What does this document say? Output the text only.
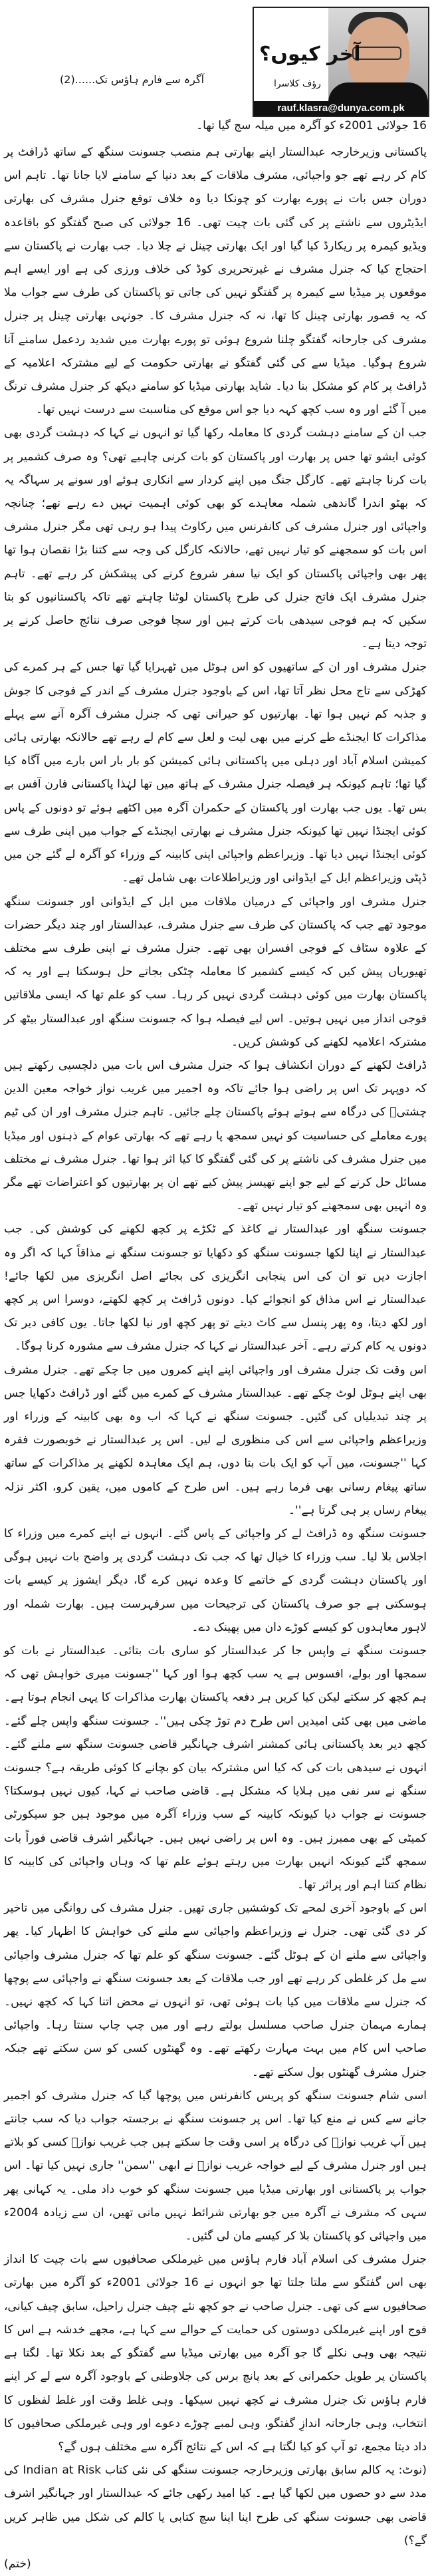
آخر کیوں؟
رؤف کلاسرا
rauf.klasra@dunya.com.pk
آگرہ سے فارم ہاؤس تک......(2)
16 جولائی 2001ء کو آگرہ میں میلہ سج گیا تھا۔

پاکستانی وزیرخارجہ عبدالستار اپنے بھارتی ہم منصب جسونت سنگھ کے ساتھ ڈرافٹ پر کام کر رہے تھے جو واجپائی، مشرف ملاقات کے بعد دنیا کے سامنے لایا جانا تھا۔ تاہم اس دوران جس بات نے پورے بھارت کو چونکا دیا وہ خلاف توقع جنرل مشرف کی بھارتی ایڈیٹروں سے ناشتے پر کی گئی بات چیت تھی۔ 16 جولائی کی صبح گفتگو کو باقاعدہ ویڈیو کیمرہ پر ریکارڈ کیا گیا اور ایک بھارتی چینل نے چلا دیا۔ جب بھارت نے پاکستان سے احتجاج کیا کہ جنرل مشرف نے غیرتحریری کوڈ کی خلاف ورزی کی ہے اور ایسے اہم موقعوں پر میڈیا سے کیمرہ پر گفتگو نہیں کی جاتی تو پاکستان کی طرف سے جواب ملا کہ یہ قصور بھارتی چینل کا تھا، نہ کہ جنرل مشرف کا۔ جونہی بھارتی چینل پر جنرل مشرف کی جارحانہ گفتگو چلنا شروع ہوئی تو پورے بھارت میں شدید ردعمل سامنے آنا شروع ہوگیا۔ میڈیا سے کی گئی گفتگو نے بھارتی حکومت کے لیے مشترکہ اعلامیہ کے ڈرافٹ پر کام کو مشکل بنا دیا۔ شاید بھارتی میڈیا کو سامنے دیکھ کر جنرل مشرف ترنگ میں آ گئے اور وہ سب کچھ کہہ دیا جو اس موقع کی مناسبت سے درست نہیں تھا۔

جب ان کے سامنے دہشت گردی کا معاملہ رکھا گیا تو انہوں نے کہا کہ دہشت گردی بھی کوئی ایشو تھا جس پر بھارت اور پاکستان کو بات کرنی چاہیے تھی؟ وہ صرف کشمیر پر بات کرنا چاہتے تھے۔ کارگل جنگ میں اپنے کردار سے انکاری ہوئے اور سونے پر سہاگہ یہ کہ بھٹو اندرا گاندھی شملہ معاہدے کو بھی کوئی اہمیت نہیں دے رہے تھے؛ چنانچہ واجپائی اور جنرل مشرف کی کانفرنس میں رکاوٹ پیدا ہو رہی تھی مگر جنرل مشرف اس بات کو سمجھنے کو تیار نہیں تھے، حالانکہ کارگل کی وجہ سے کتنا بڑا نقصان ہوا تھا پھر بھی واجپائی پاکستان کو ایک نیا سفر شروع کرنے کی پیشکش کر رہے تھے۔ تاہم جنرل مشرف ایک فاتح جنرل کی طرح پاکستان لوٹنا چاہتے تھے تاکہ پاکستانیوں کو بتا سکیں کہ ہم فوجی سیدھی بات کرتے ہیں اور سچا فوجی صرف نتائج حاصل کرنے پر توجہ دیتا ہے۔

جنرل مشرف اور ان کے ساتھیوں کو اس ہوٹل میں ٹھہرایا گیا تھا جس کے ہر کمرے کی کھڑکی سے تاج محل نظر آتا تھا، اس کے باوجود جنرل مشرف کے اندر کے فوجی کا جوش و جذبہ کم نہیں ہوا تھا۔ بھارتیوں کو حیرانی تھی کہ جنرل مشرف آگرہ آنے سے پہلے مذاکرات کا ایجنڈے طے کرنے میں بھی لیت و لعل سے کام لے رہے تھے حالانکہ بھارتی ہائی کمیشن اسلام آباد اور دہلی میں پاکستانی ہائی کمیشن کو بار بار اس بارے میں آگاہ کیا گیا تھا؛ تاہم کیونکہ ہر فیصلہ جنرل مشرف کے ہاتھ میں تھا لہٰذا پاکستانی فارن آفس بے بس تھا۔ یوں جب بھارت اور پاکستان کے حکمران آگرہ میں اکٹھے ہوئے تو دونوں کے پاس کوئی ایجنڈا نہیں تھا کیونکہ جنرل مشرف نے بھارتی ایجنڈے کے جواب میں اپنی طرف سے کوئی ایجنڈا نہیں دیا تھا۔ وزیراعظم واجپائی اپنی کابینہ کے وزراء کو آگرہ لے گئے جن میں ڈپٹی وزیراعظم ایل کے ایڈوانی اور وزیراطلاعات بھی شامل تھے۔

جنرل مشرف اور واجپائی کے درمیان ملاقات میں ایل کے ایڈوانی اور جسونت سنگھ موجود تھے جب کہ پاکستان کی طرف سے جنرل مشرف، عبدالستار اور چند دیگر حضرات کے علاوہ سٹاف کے فوجی افسران بھی تھے۔ جنرل مشرف نے اپنی طرف سے مختلف تھیوریاں پیش کیں کہ کیسے کشمیر کا معاملہ چٹکی بجاتے حل ہوسکتا ہے اور یہ کہ پاکستان بھارت میں کوئی دہشت گردی نہیں کر رہا۔ سب کو علم تھا کہ ایسی ملاقاتیں فوجی انداز میں نہیں ہوتیں۔ اس لیے فیصلہ ہوا کہ جسونت سنگھ اور عبدالستار بیٹھ کر مشترکہ اعلامیہ لکھنے کی کوشش کریں۔

ڈرافٹ لکھنے کے دوران انکشاف ہوا کہ جنرل مشرف اس بات میں دلچسپی رکھتے ہیں کہ دوپہر تک اس پر راضی ہوا جائے تاکہ وہ اجمیر میں غریب نواز خواجہ معین الدین چشتیؒ کی درگاہ سے ہوتے ہوئے پاکستان چلے جائیں۔ تاہم جنرل مشرف اور ان کی ٹیم پورے معاملے کی حساسیت کو نہیں سمجھ پا رہے تھے کہ بھارتی عوام کے ذہنوں اور میڈیا میں جنرل مشرف کی ناشتے پر کی گئی گفتگو کا کیا اثر ہوا تھا۔ جنرل مشرف نے مختلف مسائل حل کرنے کے لیے جو اپنے تھیسز پیش کیے تھے ان پر بھارتیوں کو اعتراضات تھے مگر وہ انہیں بھی سمجھنے کو تیار نہیں تھے۔

جسونت سنگھ اور عبدالستار نے کاغذ کے ٹکڑے پر کچھ لکھنے کی کوشش کی۔ جب عبدالستار نے اپنا لکھا جسونت سنگھ کو دکھایا تو جسونت سنگھ نے مذاقاً کہا کہ اگر وہ اجازت دیں تو ان کی اس پنجابی انگریزی کی بجائے اصل انگریزی میں لکھا جائے! عبدالستار نے اس مذاق کو انجوائے کیا۔ دونوں ڈرافٹ پر کچھ لکھتے، دوسرا اس پر کچھ اور لکھ دیتا، وہ پھر پنسل سے کاٹ دیتے تو پھر کچھ اور نیا لکھا جاتا۔ یوں کافی دیر تک دونوں یہ کام کرتے رہے۔ آخر عبدالستار نے کہا کہ جنرل مشرف سے مشورہ کرنا ہوگا۔

اس وقت تک جنرل مشرف اور واجپائی اپنے اپنے کمروں میں جا چکے تھے۔ جنرل مشرف بھی اپنے ہوٹل لوٹ چکے تھے۔ عبدالستار مشرف کے کمرے میں گئے اور ڈرافٹ دکھایا جس پر چند تبدیلیاں کی گئیں۔ جسونت سنگھ نے کہا کہ اب وہ بھی کابینہ کے وزراء اور وزیراعظم واجپائی سے اس کی منظوری لے لیں۔ اس پر عبدالستار نے خوبصورت فقرہ کہا ''جسونت، میں آپ کو ایک بات بتا دوں، ہم ایک معاہدہ لکھنے پر مذاکرات کے ساتھ ساتھ پیغام رسانی بھی فرما رہے ہیں۔ اس طرح کے کاموں میں، یقین کرو، اکثر نزلہ پیغام رساں پر ہی گرتا ہے''۔

جسونت سنگھ وہ ڈرافٹ لے کر واجپائی کے پاس گئے۔ انہوں نے اپنے کمرے میں وزراء کا اجلاس بلا لیا۔ سب وزراء کا خیال تھا کہ جب تک دہشت گردی پر واضح بات نہیں ہوگی اور پاکستان دہشت گردی کے خاتمے کا وعدہ نہیں کرے گا، دیگر ایشوز پر کیسے بات ہوسکتی ہے جو صرف پاکستان کی ترجیحات میں سرفہرست ہیں۔ بھارت شملہ اور لاہور معاہدوں کو کیسے کوڑے دان میں پھینک دے۔

جسونت سنگھ نے واپس جا کر عبدالستار کو ساری بات بتائی۔ عبدالستار نے بات کو سمجھا اور بولے، افسوس ہے یہ سب کچھ ہوا اور کہا ''جسونت میری خواہش تھی کہ ہم کچھ کر سکتے لیکن کیا کریں ہر دفعہ پاکستان بھارت مذاکرات کا یہی انجام ہوتا ہے۔ ماضی میں بھی کئی امیدیں اس طرح دم توڑ چکی ہیں''۔ جسونت سنگھ واپس چلے گئے۔ کچھ دیر بعد پاکستانی ہائی کمشنر اشرف جہانگیر قاضی جسونت سنگھ سے ملنے گئے۔ انہوں نے سیدھی بات کی کہ کیا اس مشترکہ بیان کو بچانے کا کوئی طریقہ ہے؟ جسونت سنگھ نے سر نفی میں ہلایا کہ مشکل ہے۔ قاضی صاحب نے کہا، کیوں نہیں ہوسکتا؟ جسونت نے جواب دیا کیونکہ کابینہ کے سب وزراء آگرہ میں موجود ہیں جو سیکورٹی کمیٹی کے بھی ممبرز ہیں۔ وہ اس پر راضی نہیں ہیں۔ جہانگیر اشرف قاضی فوراً بات سمجھ گئے کیونکہ انہیں بھارت میں رہتے ہوئے علم تھا کہ وہاں واجپائی کی کابینہ کا نظام کتنا اہم اور پراثر تھا۔

اس کے باوجود آخری لمحے تک کوششیں جاری تھیں۔ جنرل مشرف کی روانگی میں تاخیر کر دی گئی تھی۔ جنرل نے وزیراعظم واجپائی سے ملنے کی خواہش کا اظہار کیا۔ پھر واجپائی سے ملنے ان کے ہوٹل گئے۔ جسونت سنگھ کو علم تھا کہ جنرل مشرف واجپائی سے مل کر غلطی کر رہے تھے اور جب ملاقات کے بعد جسونت سنگھ نے واجپائی سے پوچھا کہ جنرل سے ملاقات میں کیا بات ہوئی تھی، تو انہوں نے محض اتنا کہا کہ کچھ نہیں۔ ہمارے مہمان جنرل صاحب مسلسل بولتے رہے اور میں چپ چاپ سنتا رہا۔ واجپائی صاحب اس کام میں بہت مہارت رکھتے تھے۔ وہ گھنٹوں کسی کو سن سکتے تھے جبکہ جنرل مشرف گھنٹوں بول سکتے تھے۔

اسی شام جسونت سنگھ کو پریس کانفرنس میں پوچھا گیا کہ جنرل مشرف کو اجمیر جانے سے کس نے منع کیا تھا۔ اس پر جسونت سنگھ نے برجستہ جواب دیا کہ سب جانتے ہیں آپ غریب نوازؒ کی درگاہ پر اسی وقت جا سکتے ہیں جب غریب نوازؒ کسی کو بلاتے ہیں اور جنرل مشرف کے لیے خواجہ غریب نوازؒ نے ابھی ''سمن'' جاری نہیں کیا تھا۔ اس جواب پر پاکستانی اور بھارتی میڈیا میں جسونت سنگھ کو خوب داد ملی۔ یہ کہانی پھر سہی کہ مشرف نے آگرہ میں جو بھارتی شرائط نہیں مانی تھیں، ان سے زیادہ 2004ء میں واجپائی کو پاکستان بلا کر کیسے مان لی گئیں۔

جنرل مشرف کی اسلام آباد فارم ہاؤس میں غیرملکی صحافیوں سے بات چیت کا انداز بھی اس گفتگو سے ملتا جلتا تھا جو انہوں نے 16 جولائی 2001ء کو آگرہ میں بھارتی صحافیوں سے کی تھی۔ جنرل صاحب نے جو کچھ نئے چیف جنرل راحیل، سابق چیف کیانی، فوج اور اپنے غیرملکی دوستوں کی حمایت کے حوالے سے کہا ہے، مجھے خدشہ ہے اس کا نتیجہ بھی وہی نکلے گا جو آگرہ میں بھارتی میڈیا سے گفتگو کے بعد نکلا تھا۔ لگتا ہے پاکستان پر طویل حکمرانی کے بعد پانچ برس کی جلاوطنی کے باوجود آگرہ سے لے کر اپنے فارم ہاؤس تک جنرل مشرف نے کچھ نہیں سیکھا۔ وہی غلط وقت اور غلط لفظوں کا انتخاب، وہی جارحانہ اندازِ گفتگو، وہی لمبے چوڑے دعوے اور وہی غیرملکی صحافیوں کا داد دیتا مجمع، تو آپ کو کیا لگتا ہے کہ اس کے نتائج آگرہ سے مختلف ہوں گے؟

(نوٹ: یہ کالم سابق بھارتی وزیرخارجہ جسونت سنگھ کی نئی کتاب Indian at Risk کی مدد سے دو حصوں میں لکھا گیا ہے۔ کیا امید رکھی جائے کہ عبدالستار اور جہانگیر اشرف قاضی بھی جسونت سنگھ کی طرح اپنا اپنا سچ کتابی یا کالم کی شکل میں ظاہر کریں گے؟)

(ختم)
